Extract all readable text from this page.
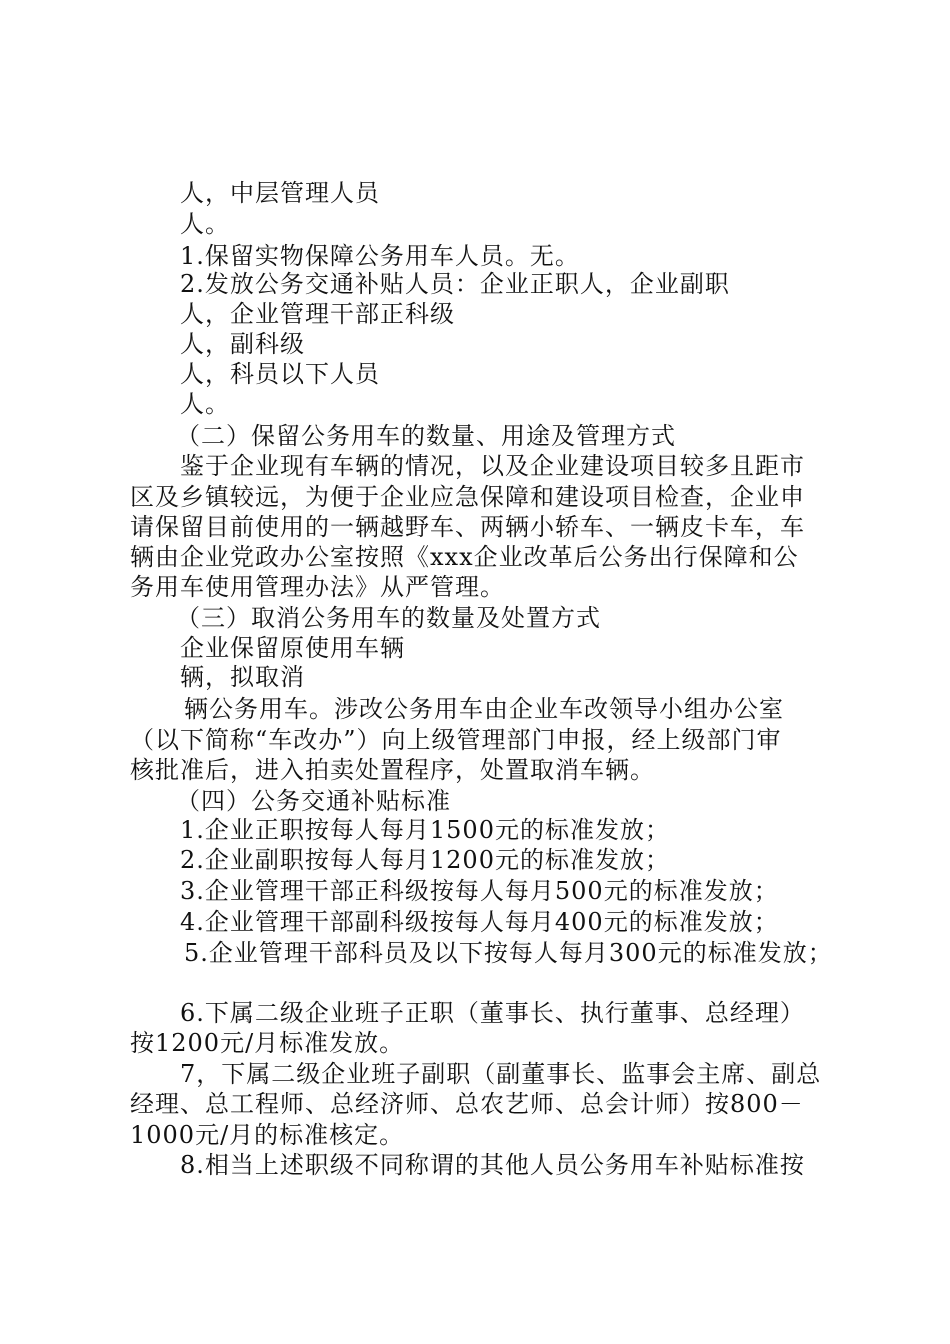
人，中层管理人员
人。
1.保留实物保障公务用车人员。无。
2.发放公务交通补贴人员：企业正职人，企业副职
人，企业管理干部正科级
人，副科级
人，科员以下人员
人。
（二）保留公务用车的数量、用途及管理方式
鉴于企业现有车辆的情况，以及企业建设项目较多且距市
区及乡镇较远，为便于企业应急保障和建设项目检查，企业申
请保留目前使用的一辆越野车、两辆小轿车、一辆皮卡车，车
辆由企业党政办公室按照《xxx企业改革后公务出行保障和公
务用车使用管理办法》从严管理。
（三）取消公务用车的数量及处置方式
企业保留原使用车辆
辆，拟取消
辆公务用车。涉改公务用车由企业车改领导小组办公室
（以下简称“车改办”）向上级管理部门申报，经上级部门审
核批准后，进入拍卖处置程序，处置取消车辆。
（四）公务交通补贴标准
1.企业正职按每人每月1500元的标准发放；
2.企业副职按每人每月1200元的标准发放；
3.企业管理干部正科级按每人每月500元的标准发放；
4.企业管理干部副科级按每人每月400元的标准发放；
5.企业管理干部科员及以下按每人每月300元的标准发放；
6.下属二级企业班子正职（董事长、执行董事、总经理）
按1200元/月标准发放。
7，下属二级企业班子副职（副董事长、监事会主席、副总
经理、总工程师、总经济师、总农艺师、总会计师）按800－
1000元/月的标准核定。
8.相当上述职级不同称谓的其他人员公务用车补贴标准按
